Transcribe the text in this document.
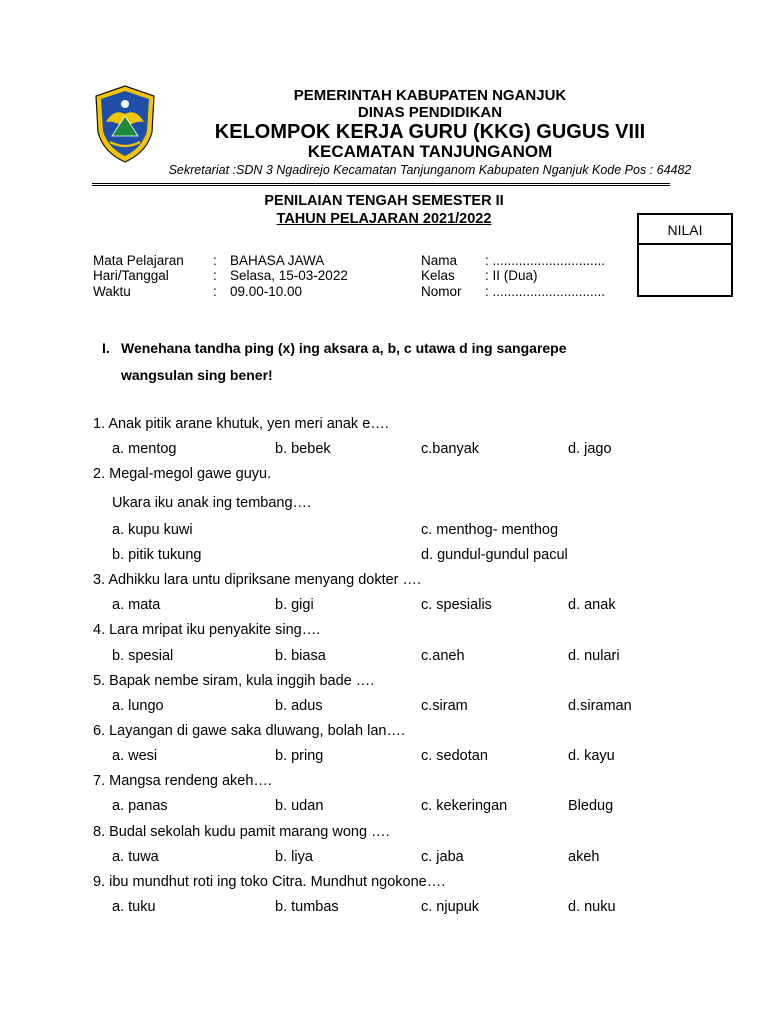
PEMERINTAH KABUPATEN NGANJUK
DINAS PENDIDIKAN
KELOMPOK KERJA GURU (KKG) GUGUS VIII
KECAMATAN TANJUNGANOM
Sekretariat :SDN 3 Ngadirejo Kecamatan Tanjunganom Kabupaten Nganjuk Kode Pos : 64482
PENILAIAN TENGAH SEMESTER II
TAHUN PELAJARAN 2021/2022
NILAI
Mata Pelajaran : BAHASA JAWA
Hari/Tanggal	: Selasa, 15-03-2022
Waktu	: 09.00-10.00
Nama : ..............................
Kelas : II (Dua)
Nomor : ..............................
I. Wenehana tandha ping (x) ing aksara a, b, c utawa d ing sangarepe
wangsulan sing bener!
1. Anak pitik arane khutuk, yen meri anak e….
a. mentog	b. bebek	c.banyak	d. jago
2. Megal-megol gawe guyu.
Ukara iku anak ing tembang….
a. kupu kuwi	c. menthog- menthog
b. pitik tukung	d. gundul-gundul pacul
3. Adhikku lara untu dipriksane menyang dokter ….
a. mata	b. gigi	c. spesialis	d. anak
4. Lara mripat iku penyakite sing….
b. spesial	b. biasa	c.aneh	d. nulari
5. Bapak nembe siram, kula inggih bade ….
a. lungo	b. adus	c.siram	d.siraman
6. Layangan di gawe saka dluwang, bolah lan….
a. wesi	b. pring	c. sedotan	d. kayu
7. Mangsa rendeng akeh….
a. panas	b. udan	c. kekeringan	Bledug
8. Budal sekolah kudu pamit marang wong ….
a. tuwa	b. liya	c. jaba	akeh
9. ibu mundhut roti ing toko Citra. Mundhut ngokone….
a. tuku	b. tumbas	c. njupuk	d. nuku
